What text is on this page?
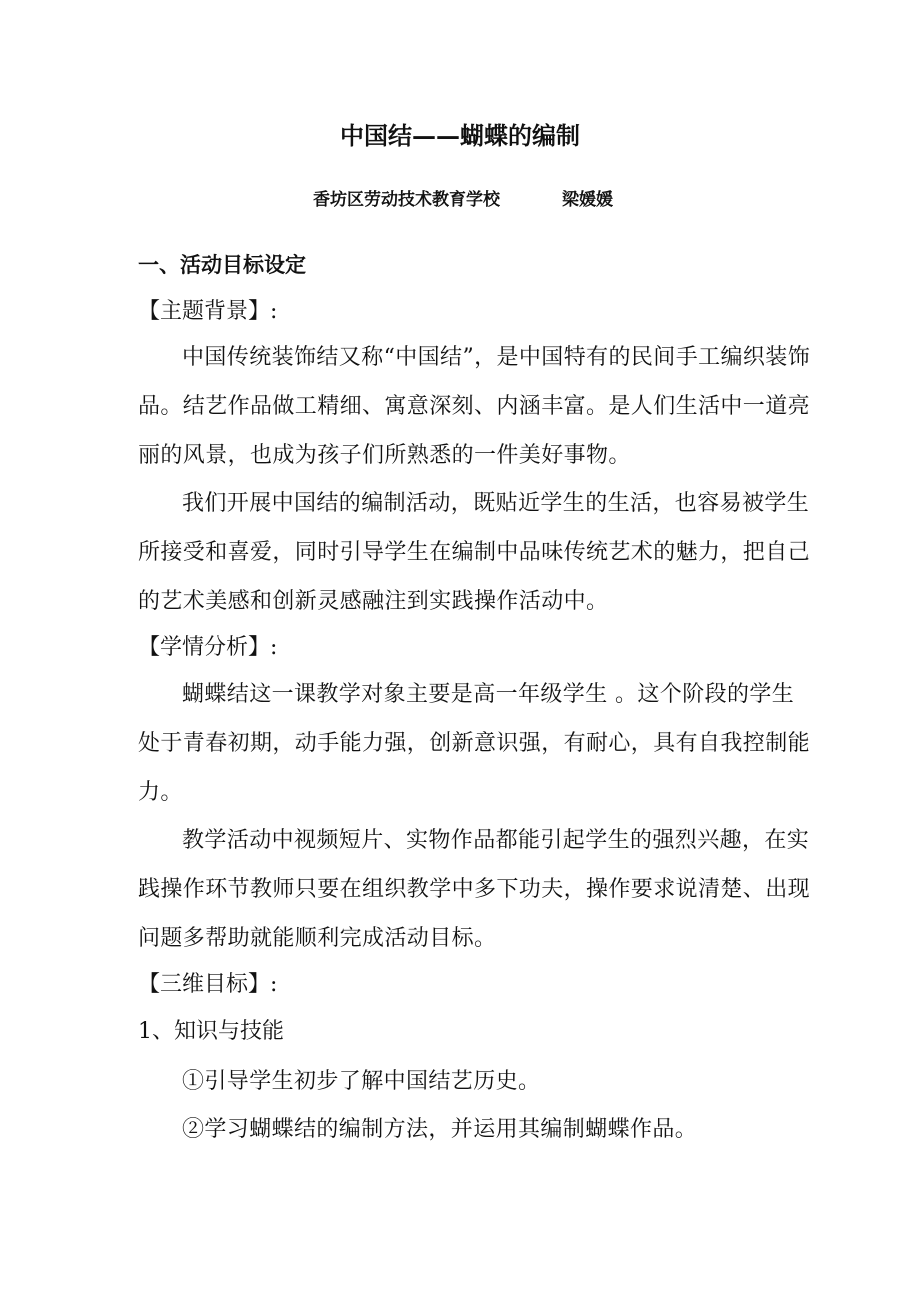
中国结——蝴蝶的编制
香坊区劳动技术教育学校	梁媛媛
一、活动目标设定
【主题背景】:
中国传统装饰结又称“中国结”，是中国特有的民间手工编织装饰
品。结艺作品做工精细、寓意深刻、内涵丰富。是人们生活中一道亮
丽的风景，也成为孩子们所熟悉的一件美好事物。
我们开展中国结的编制活动，既贴近学生的生活，也容易被学生
所接受和喜爱，同时引导学生在编制中品味传统艺术的魅力，把自己
的艺术美感和创新灵感融注到实践操作活动中。
【学情分析】:
蝴蝶结这一课教学对象主要是高一年级学生 。这个阶段的学生
处于青春初期，动手能力强，创新意识强，有耐心，具有自我控制能
力。
教学活动中视频短片、实物作品都能引起学生的强烈兴趣，在实
践操作环节教师只要在组织教学中多下功夫，操作要求说清楚、出现
问题多帮助就能顺利完成活动目标。
【三维目标】:
1、知识与技能
①引导学生初步了解中国结艺历史。
②学习蝴蝶结的编制方法，并运用其编制蝴蝶作品。
